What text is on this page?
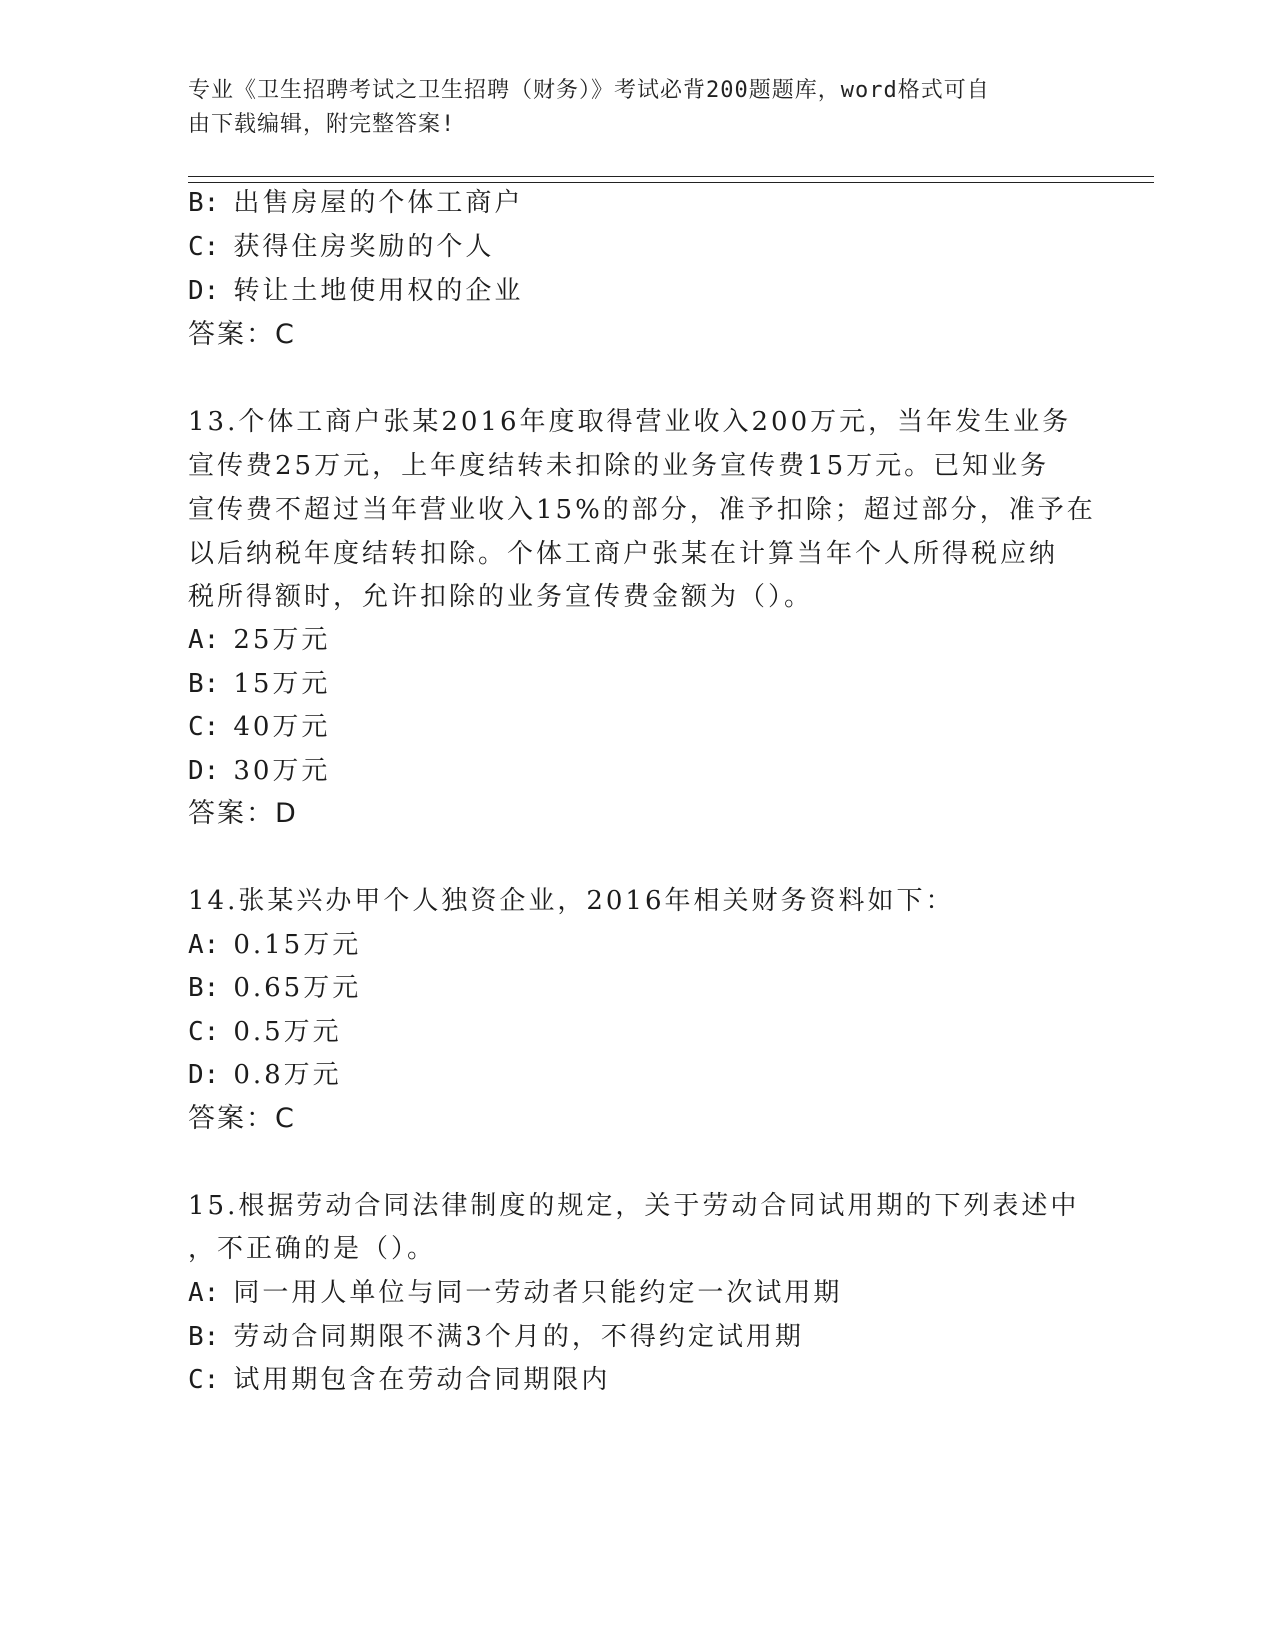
专业《卫生招聘考试之卫生招聘（财务）》考试必背200题题库，word格式可自
由下载编辑，附完整答案!
B: 出售房屋的个体工商户
C: 获得住房奖励的个人
D: 转让土地使用权的企业
答案：C
13.个体工商户张某2016年度取得营业收入200万元，当年发生业务
宣传费25万元，上年度结转未扣除的业务宣传费15万元。已知业务
宣传费不超过当年营业收入15%的部分，准予扣除；超过部分，准予在
以后纳税年度结转扣除。个体工商户张某在计算当年个人所得税应纳
税所得额时，允许扣除的业务宣传费金额为（）。
A: 25万元
B: 15万元
C: 40万元
D: 30万元
答案：D
14.张某兴办甲个人独资企业，2016年相关财务资料如下：
A: 0.15万元
B: 0.65万元
C: 0.5万元
D: 0.8万元
答案：C
15.根据劳动合同法律制度的规定，关于劳动合同试用期的下列表述中
，不正确的是（）。
A: 同一用人单位与同一劳动者只能约定一次试用期
B: 劳动合同期限不满3个月的，不得约定试用期
C: 试用期包含在劳动合同期限内
